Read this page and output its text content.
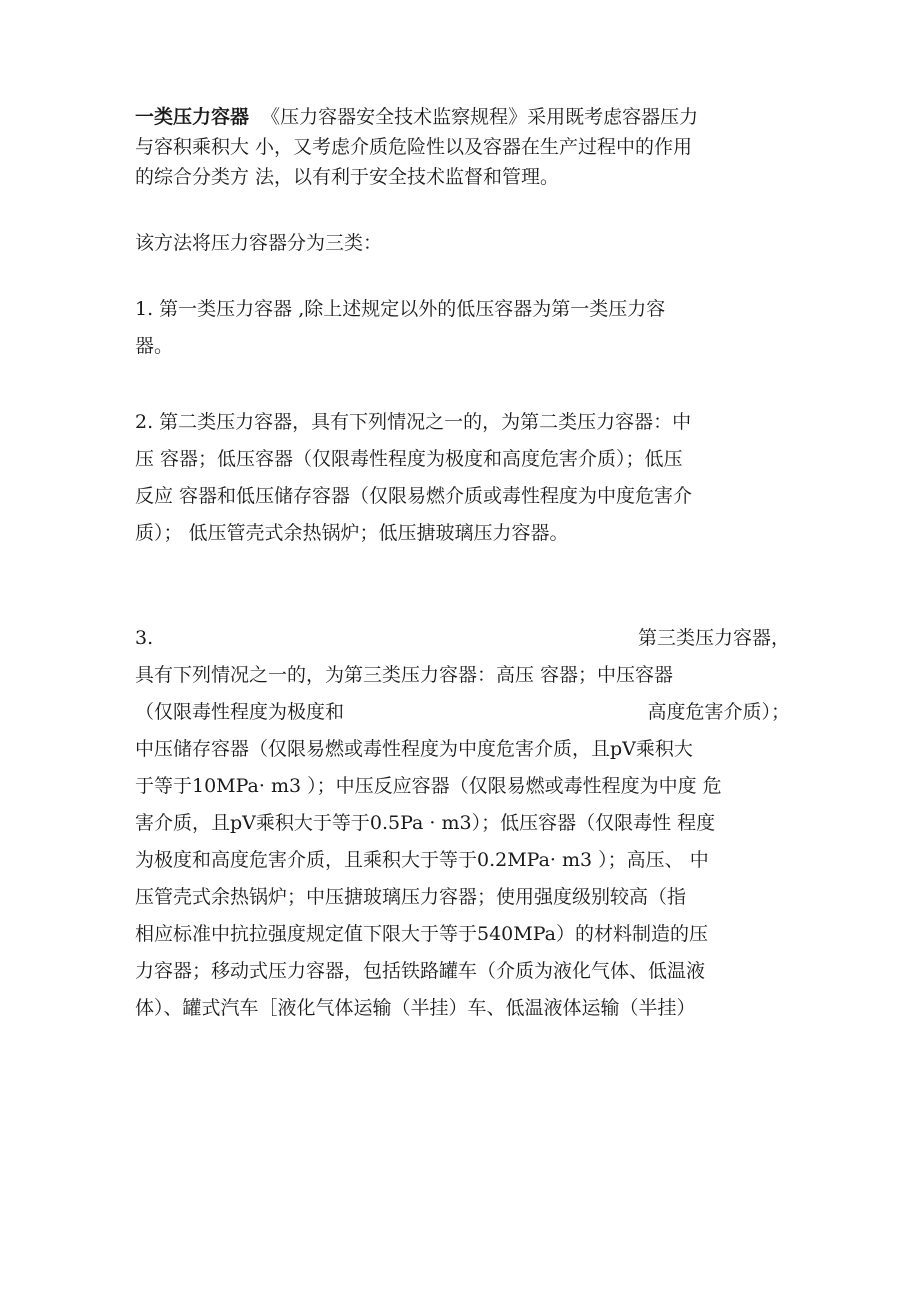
一类压力容器 《压力容器安全技术监察规程》采用既考虑容器压力
与容积乘积大 小，又考虑介质危险性以及容器在生产过程中的作用
的综合分类方 法，以有利于安全技术监督和管理。
该方法将压力容器分为三类：
1. 第一类压力容器 ,除上述规定以外的低压容器为第一类压力容
器。
2. 第二类压力容器，具有下列情况之一的，为第二类压力容器：中
压 容器；低压容器（仅限毒性程度为极度和高度危害介质）；低压
反应 容器和低压储存容器（仅限易燃介质或毒性程度为中度危害介
质）； 低压管壳式余热锅炉；低压搪玻璃压力容器。
3.	第三类压力容器，
具有下列情况之一的，为第三类压力容器：高压 容器；中压容器
（仅限毒性程度为极度和	高度危害介质）；
中压储存容器（仅限易燃或毒性程度为中度危害介质，且pV乘积大
于等于10MPa· m3 ）；中压反应容器（仅限易燃或毒性程度为中度 危
害介质，且pV乘积大于等于0.5Pa · m3）；低压容器（仅限毒性 程度
为极度和高度危害介质，且乘积大于等于0.2MPa· m3 ）；高压、 中
压管壳式余热锅炉；中压搪玻璃压力容器；使用强度级别较高（指
相应标准中抗拉强度规定值下限大于等于540MPa）的材料制造的压
力容器；移动式压力容器，包括铁路罐车（介质为液化气体、低温液
体）、罐式汽车［液化气体运输（半挂）车、低温液体运输（半挂）
